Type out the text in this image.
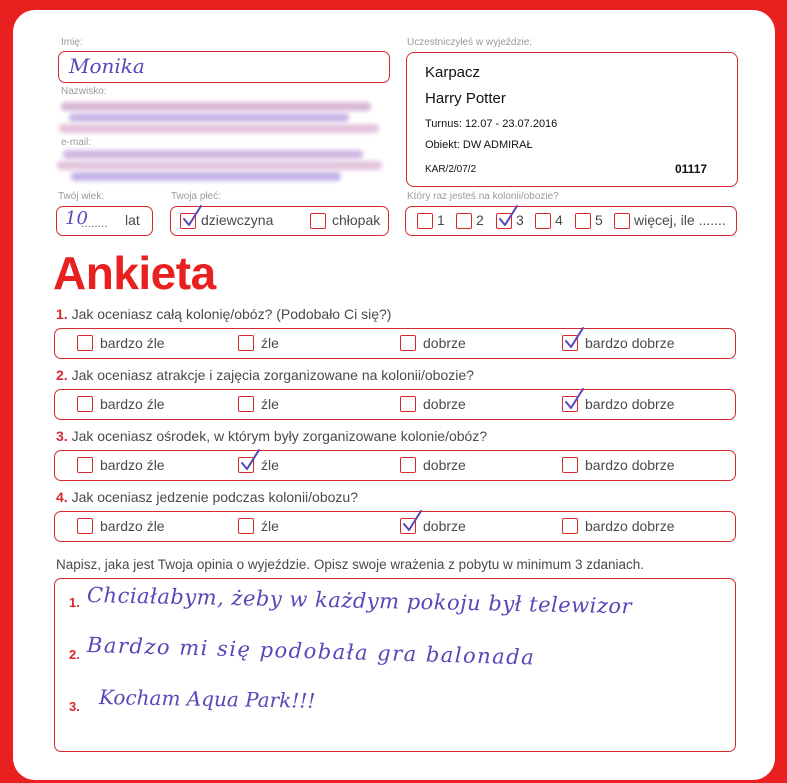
Imię:
Monika
Nazwisko:
e-mail:
Twój wiek:
10
........ lat
Twoja płeć:
dziewczyna	chłopak
Uczestniczyłeś w wyjeździe:
Karpacz
Harry Potter
Turnus: 12.07 - 23.07.2016
Obiekt: DW ADMIRAŁ
KAR/2/07/2	01117
Który raz jesteś na kolonii/obozie?
1 2 3 4 5 więcej, ile .......
Ankieta
1. Jak oceniasz całą kolonię/obóz? (Podobało Ci się?)
bardzo źle	źle	dobrze	bardzo dobrze
2. Jak oceniasz atrakcje i zajęcia zorganizowane na kolonii/obozie?
bardzo źle	źle	dobrze	bardzo dobrze
3. Jak oceniasz ośrodek, w którym były zorganizowane kolonie/obóz?
bardzo źle	źle	dobrze	bardzo dobrze
4. Jak oceniasz jedzenie podczas kolonii/obozu?
bardzo źle	źle	dobrze	bardzo dobrze
Napisz, jaka jest Twoja opinia o wyjeździe. Opisz swoje wrażenia z pobytu w minimum 3 zdaniach.
1. Chciałabym, żeby w każdym pokoju był telewizor
2. Bardzo mi się podobała gra balonada
3. Kocham Aqua Park!!!
